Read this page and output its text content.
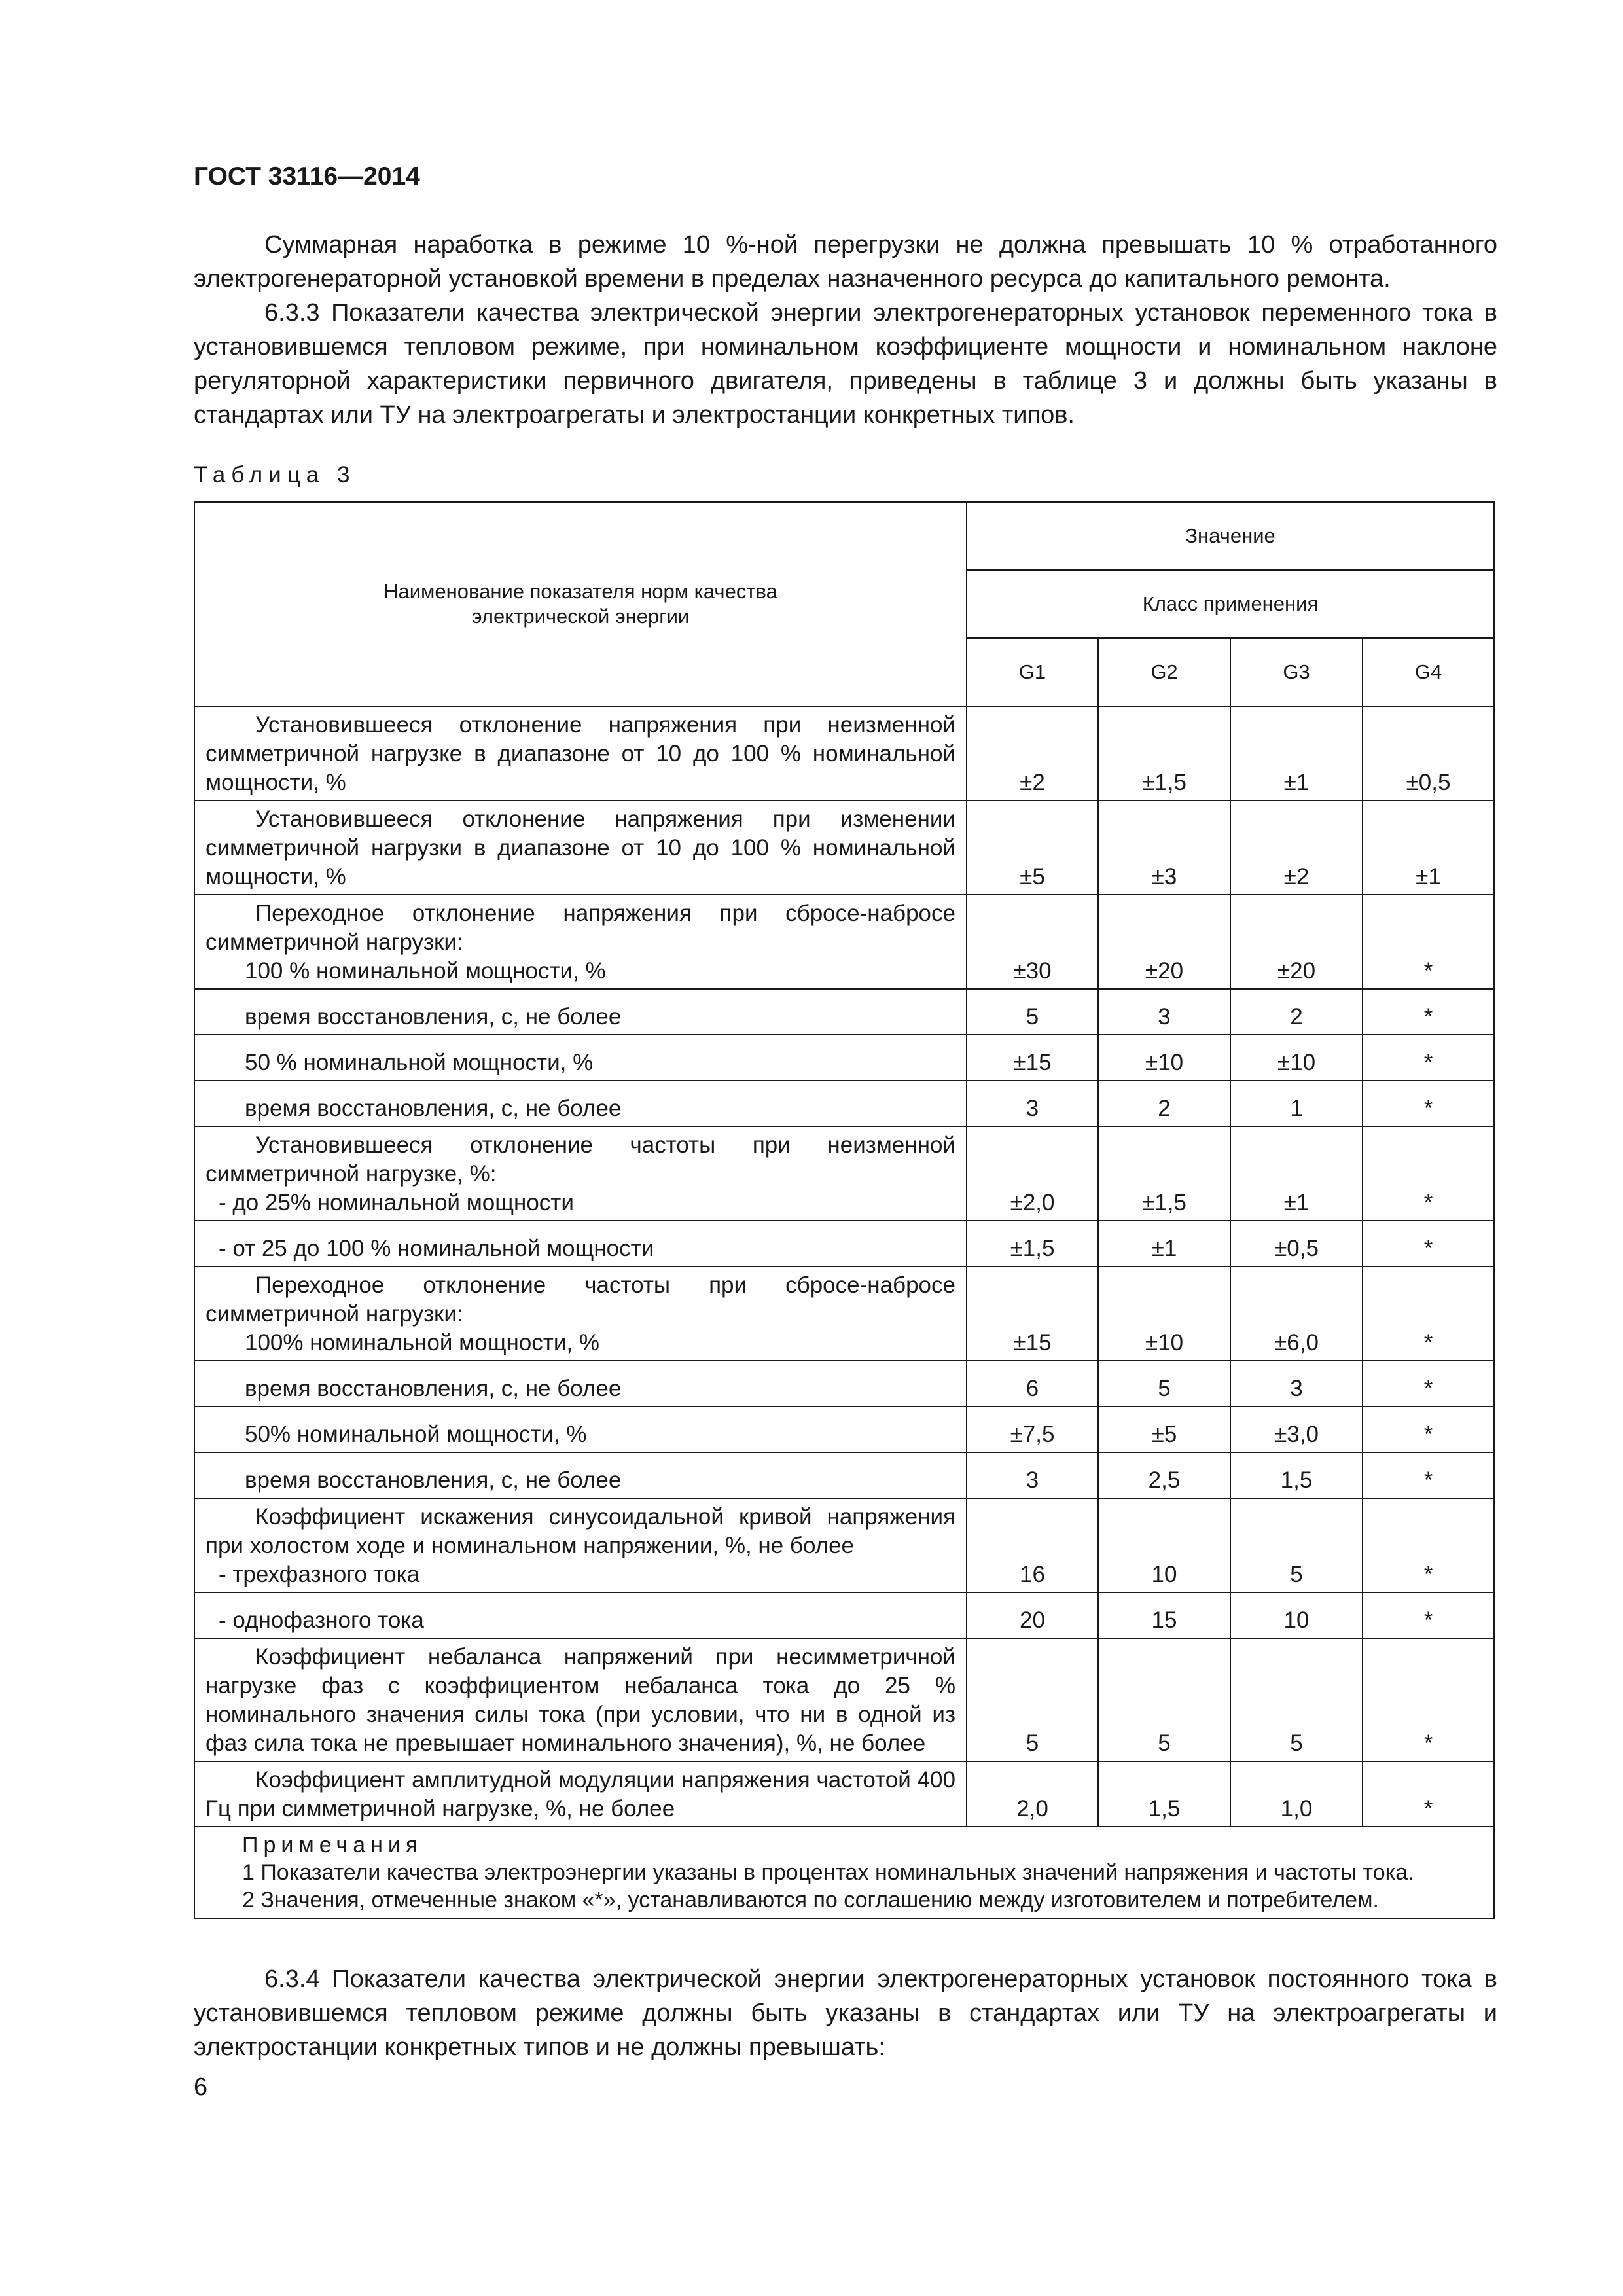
ГОСТ 33116—2014

Суммарная наработка в режиме 10 %-ной перегрузки не должна превышать 10 % отработанного электрогенераторной установкой времени в пределах назначенного ресурса до капитального ремонта.

6.3.3 Показатели качества электрической энергии электрогенераторных установок переменного тока в установившемся тепловом режиме, при номинальном коэффициенте мощности и номинальном наклоне регуляторной характеристики первичного двигателя, приведены в таблице 3 и должны быть указаны в стандартах или ТУ на электроагрегаты и электростанции конкретных типов.

Таблица 3
Наименование показателя норм качества электрической энергии	Значение			
	Класс применения			
	G1	G2	G3	G4
Установившееся отклонение напряжения при неизменной симметричной нагрузке в диапазоне от 10 до 100 % номинальной мощности, %	±2	±1,5	±1	±0,5
Установившееся отклонение напряжения при изменении симметричной нагрузки в диапазоне от 10 до 100 % номинальной мощности, %	±5	±3	±2	±1

Переходное отклонение напряжения при сбросе-набросе симметричной нагрузки:
100 % номинальной мощности, %	±30	±20	±20	*
время восстановления, с, не более	5	3	2	*
50 % номинальной мощности, %	±15	±10	±10	*
время восстановления, с, не более	3	2	1	*

Установившееся отклонение частоты при неизменной симметричной нагрузке, %:
- до 25% номинальной мощности	±2,0	±1,5	±1	*
- от 25 до 100 % номинальной мощности	±1,5	±1	±0,5	*

Переходное отклонение частоты при сбросе-набросе симметричной нагрузки:
100% номинальной мощности, %	±15	±10	±6,0	*
время восстановления, с, не более	6	5	3	*
50% номинальной мощности, %	±7,5	±5	±3,0	*
время восстановления, с, не более	3	2,5	1,5	*

Коэффициент искажения синусоидальной кривой напряжения при холостом ходе и номинальном напряжении, %, не более
- трехфазного тока	16	10	5	*
- однофазного тока	20	15	10	*
Коэффициент небаланса напряжений при несимметричной нагрузке фаз с коэффициентом небаланса тока до 25 % номинального значения силы тока (при условии, что ни в одной из фаз сила тока не превышает номинального значения), %, не более	5	5	5	*
Коэффициент амплитудной модуляции напряжения частотой 400 Гц при симметричной нагрузке, %, не более	2,0	1,5	1,0	*

Примечания
1 Показатели качества электроэнергии указаны в процентах номинальных значений напряжения и частоты тока.
2 Значения, отмеченные знаком «*», устанавливаются по соглашению между изготовителем и потребителем.				

6.3.4 Показатели качества электрической энергии электрогенераторных установок постоянного тока в установившемся тепловом режиме должны быть указаны в стандартах или ТУ на электроагрегаты и электростанции конкретных типов и не должны превышать:

6
